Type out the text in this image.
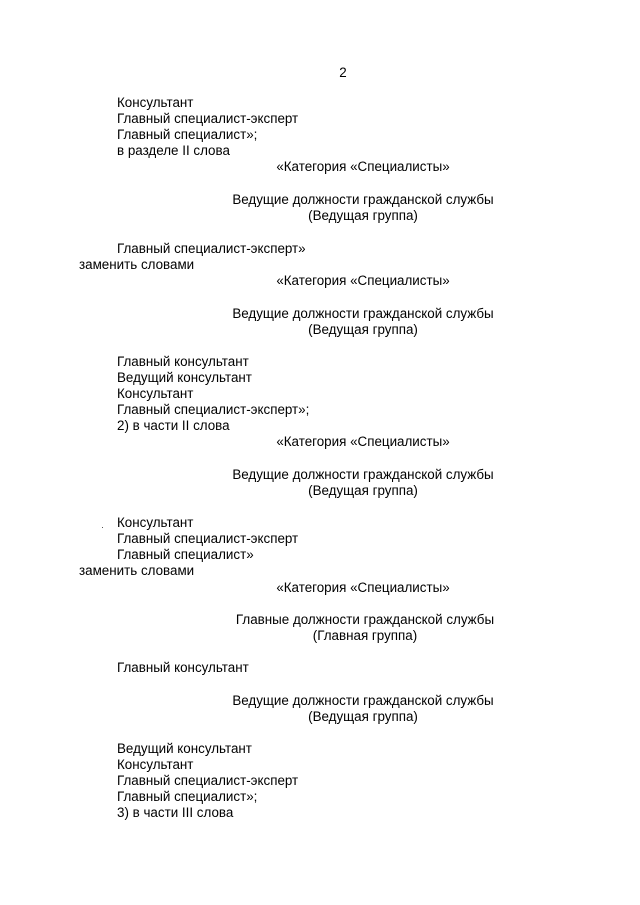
2
Консультант
Главный специалист-эксперт
Главный специалист»;
в разделе II слова
«Категория «Специалисты»
Ведущие должности гражданской службы
(Ведущая группа)
Главный специалист-эксперт»
заменить словами
«Категория «Специалисты»
Ведущие должности гражданской службы
(Ведущая группа)
Главный консультант
Ведущий консультант
Консультант
Главный специалист-эксперт»;
2) в части II слова
«Категория «Специалисты»
Ведущие должности гражданской службы
(Ведущая группа)
Консультант
Главный специалист-эксперт
Главный специалист»
заменить словами
«Категория «Специалисты»
Главные должности гражданской службы
(Главная группа)
Главный консультант
Ведущие должности гражданской службы
(Ведущая группа)
Ведущий консультант
Консультант
Главный специалист-эксперт
Главный специалист»;
3) в части III слова
